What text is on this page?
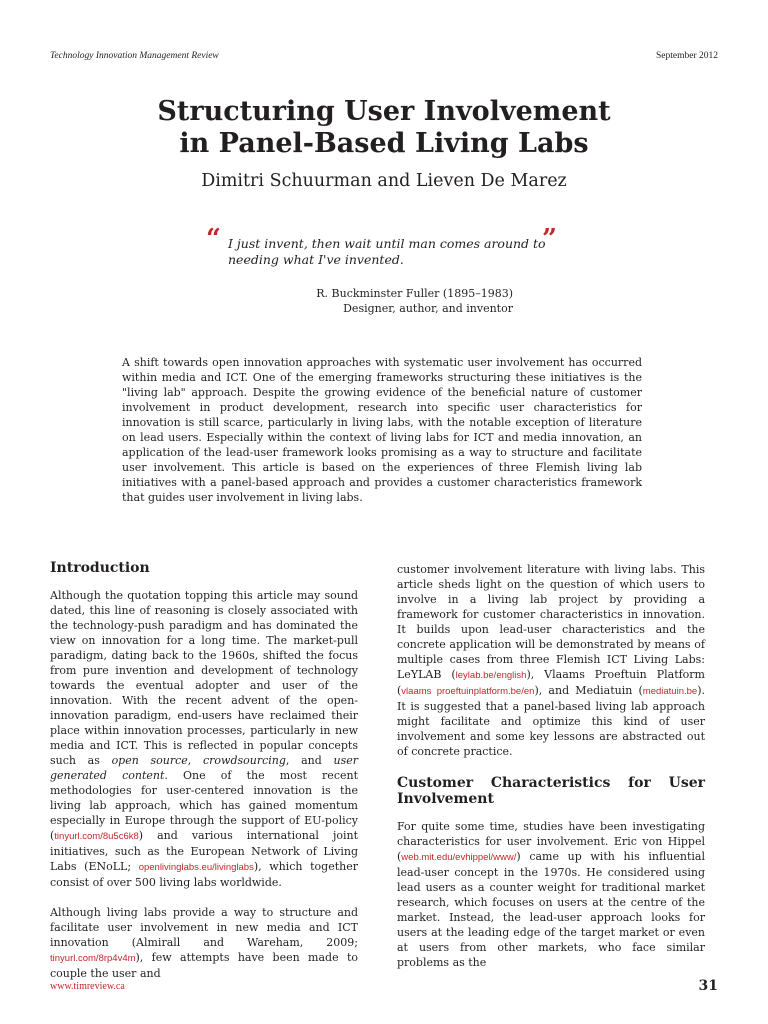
Technology Innovation Management Review	September 2012
Structuring User Involvement
in Panel-Based Living Labs
Dimitri Schuurman and Lieven De Marez
“ I just invent, then wait until man comes around to needing what I've invented.
”
R. Buckminster Fuller (1895–1983)
Designer, author, and inventor
A shift towards open innovation approaches with systematic user involvement has occurred within media and ICT. One of the emerging frameworks structuring these initiatives is the "living lab" approach. Despite the growing evidence of the beneficial nature of customer involvement in product development, research into specific user characteristics for innovation is still scarce, particularly in living labs, with the notable exception of literature on lead users. Especially within the context of living labs for ICT and media innovation, an application of the lead-user framework looks promising as a way to structure and facilitate user involvement. This article is based on the experiences of three Flemish living lab initiatives with a panel-based approach and provides a customer characteristics framework that guides user involvement in living labs.
Introduction

Although the quotation topping this article may sound dated, this line of reasoning is closely associated with the technology-push paradigm and has dominated the view on innovation for a long time. The market-pull paradigm, dating back to the 1960s, shifted the focus from pure invention and development of technology towards the eventual adopter and user of the innovation. With the recent advent of the open-innovation paradigm, end-users have reclaimed their place within innovation processes, particularly in new media and ICT. This is reflected in popular concepts such as open source, crowdsourcing, and user generated content. One of the most recent methodologies for user-centered innovation is the living lab approach, which has gained momentum especially in Europe through the support of EU-policy (tinyurl.com/8u5c6k8) and various international joint initiatives, such as the European Network of Living Labs (ENoLL; openlivinglabs.eu/livinglabs), which together consist of over 500 living labs worldwide.

Although living labs provide a way to structure and facilitate user involvement in new media and ICT innovation (Almirall and Wareham, 2009; tinyurl.com/8rp4v4m), few attempts have been made to couple the user and

customer involvement literature with living labs. This article sheds light on the question of which users to involve in a living lab project by providing a framework for customer characteristics in innovation. It builds upon lead-user characteristics and the concrete application will be demonstrated by means of multiple cases from three Flemish ICT Living Labs: LeYLAB (leylab.be/english), Vlaams Proeftuin Platform (vlaams proeftuinplatform.be/en), and Mediatuin (mediatuin.be). It is suggested that a panel-based living lab approach might facilitate and optimize this kind of user involvement and some key lessons are abstracted out of concrete practice.

Customer Characteristics for User Involvement

For quite some time, studies have been investigating characteristics for user involvement. Eric von Hippel (web.mit.edu/evhippel/www/) came up with his influential lead-user concept in the 1970s. He considered using lead users as a counter weight for traditional market research, which focuses on users at the centre of the market. Instead, the lead-user approach looks for users at the leading edge of the target market or even at users from other markets, who face similar problems as the

www.timreview.ca	31
